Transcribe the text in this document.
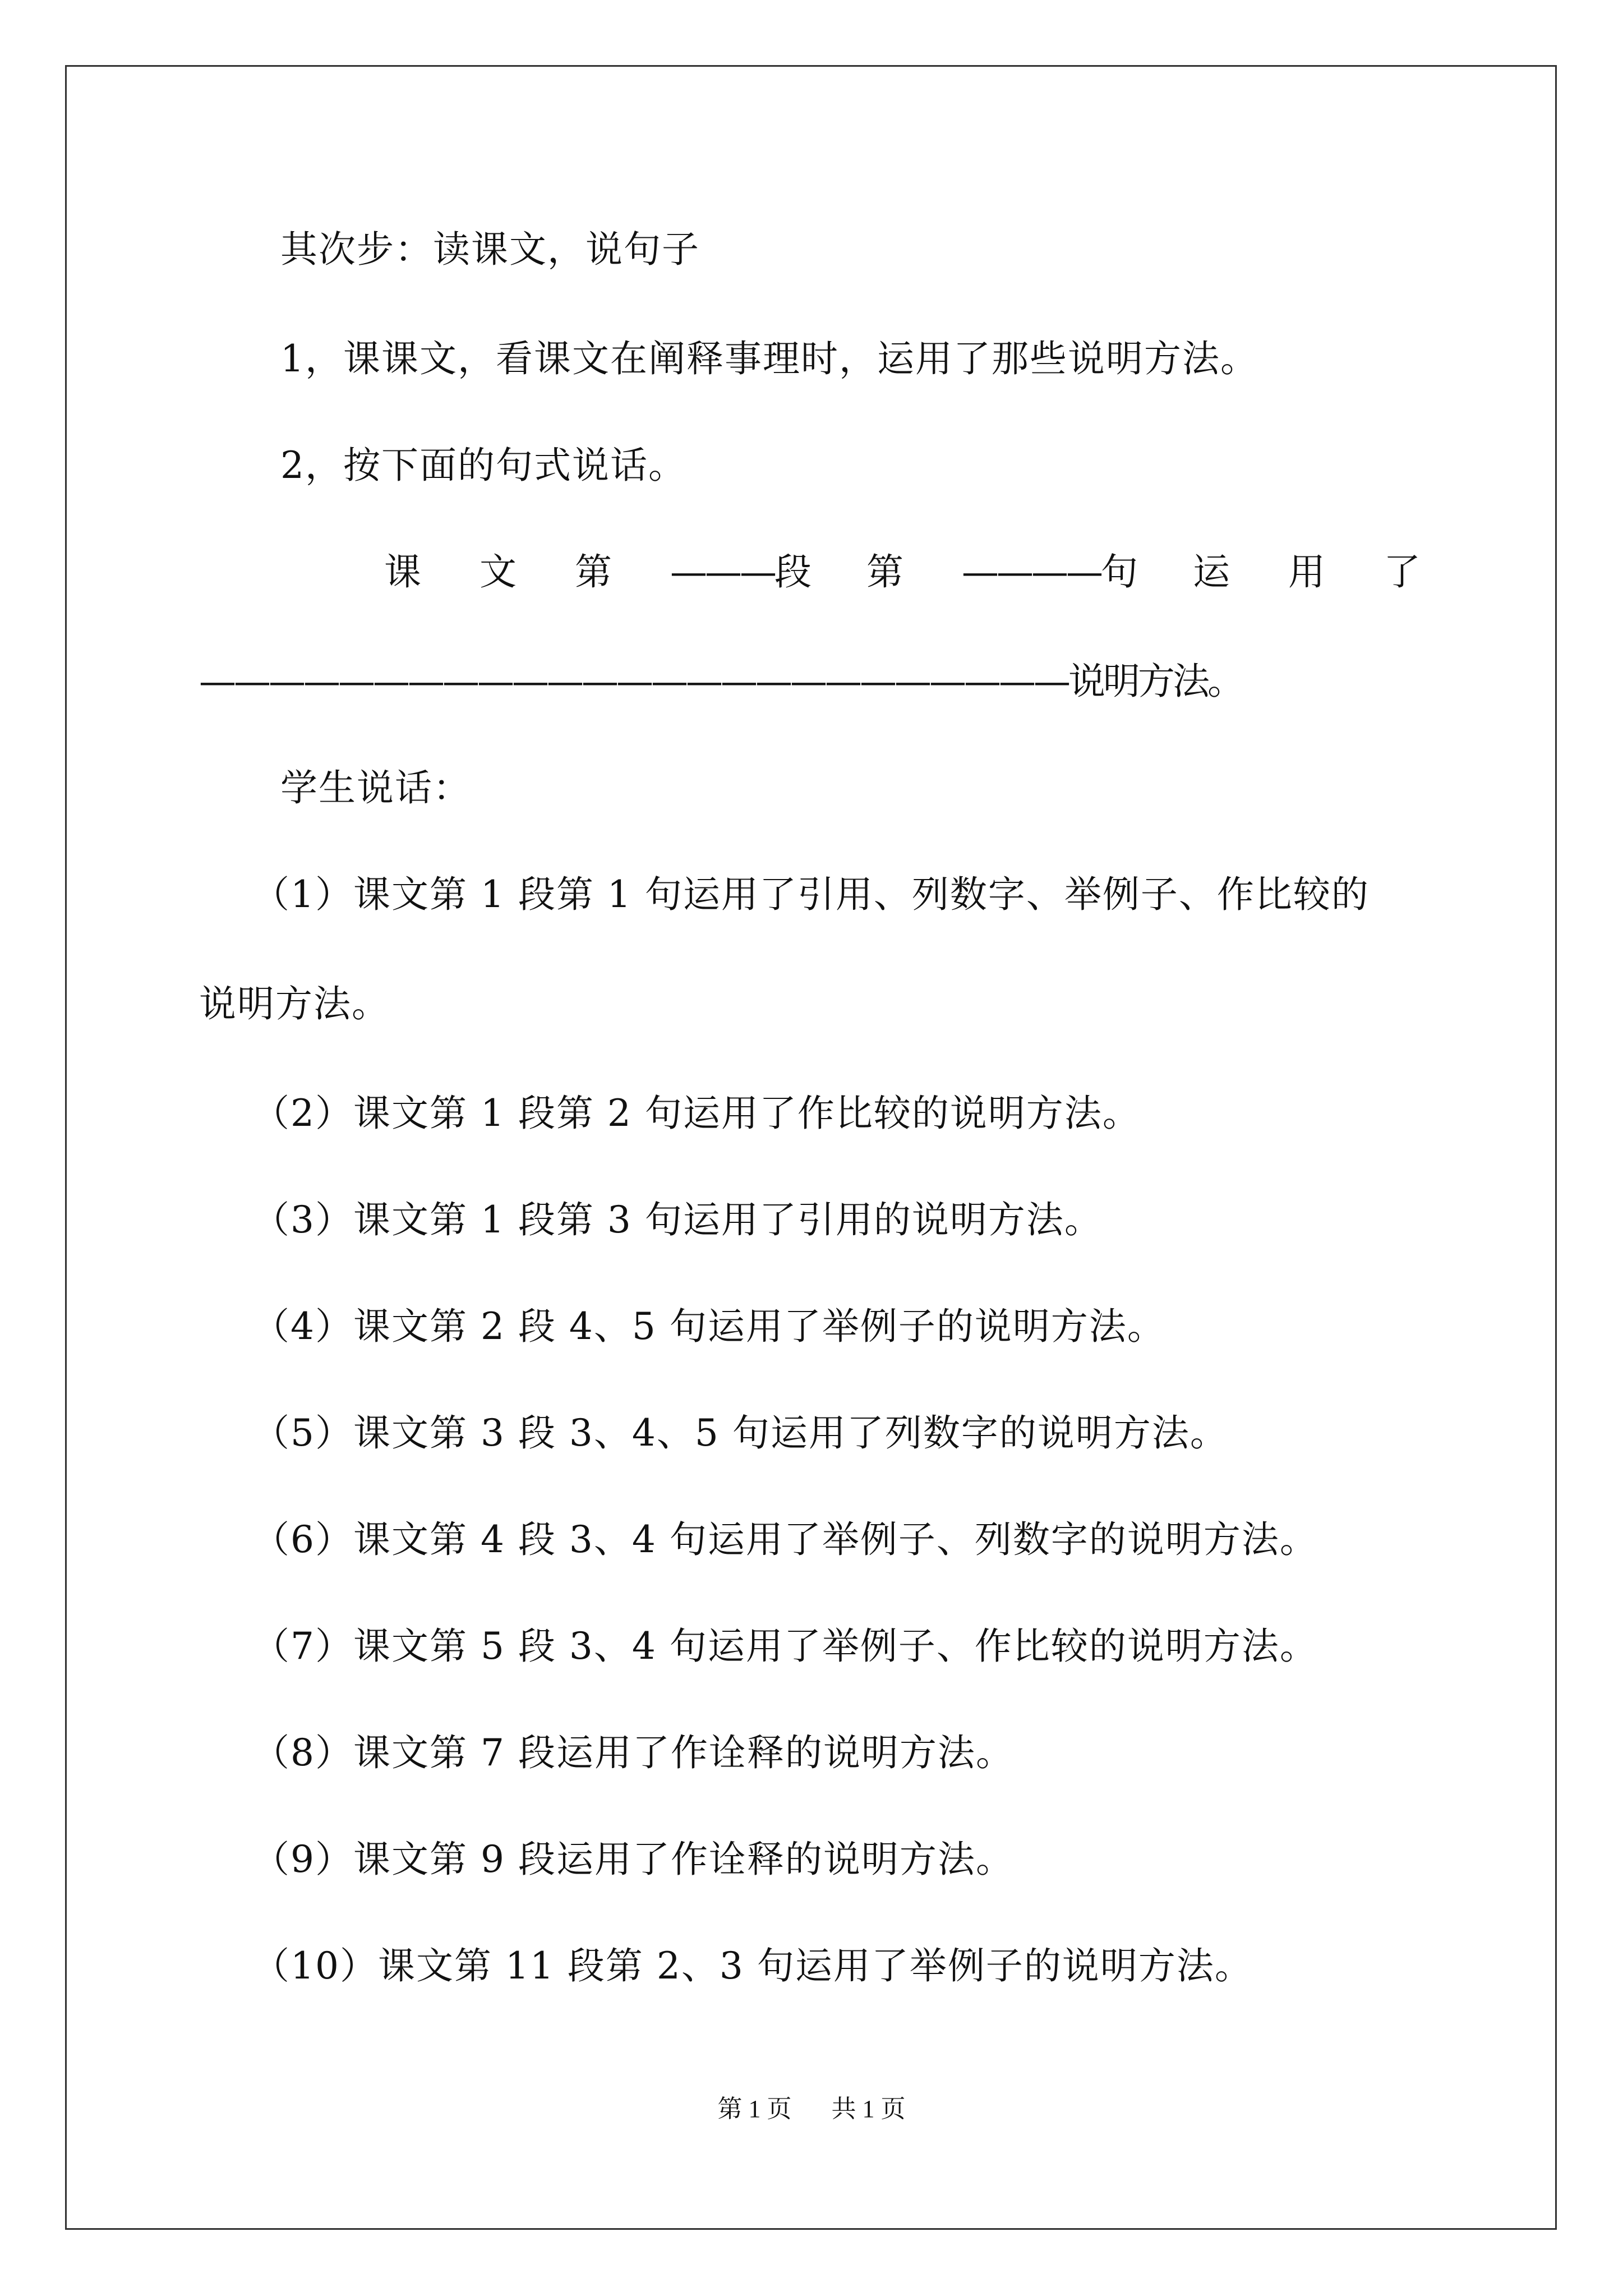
其次步：读课文，说句子
1，课课文，看课文在阐释事理时，运用了那些说明方法。
2，按下面的句式说话。
课 文 第 ———段 第 ————句 运 用 了
—————————————————————————说明方法。
学生说话：
（1）课文第 1 段第 1 句运用了引用、列数字、举例子、作比较的
说明方法。
（2）课文第 1 段第 2 句运用了作比较的说明方法。
（3）课文第 1 段第 3 句运用了引用的说明方法。
（4）课文第 2 段 4、5 句运用了举例子的说明方法。
（5）课文第 3 段 3、4、5 句运用了列数字的说明方法。
（6）课文第 4 段 3、4 句运用了举例子、列数字的说明方法。
（7）课文第 5 段 3、4 句运用了举例子、作比较的说明方法。
（8）课文第 7 段运用了作诠释的说明方法。
（9）课文第 9 段运用了作诠释的说明方法。
（10）课文第 11 段第 2、3 句运用了举例子的说明方法。
第 1 页 共 1 页
